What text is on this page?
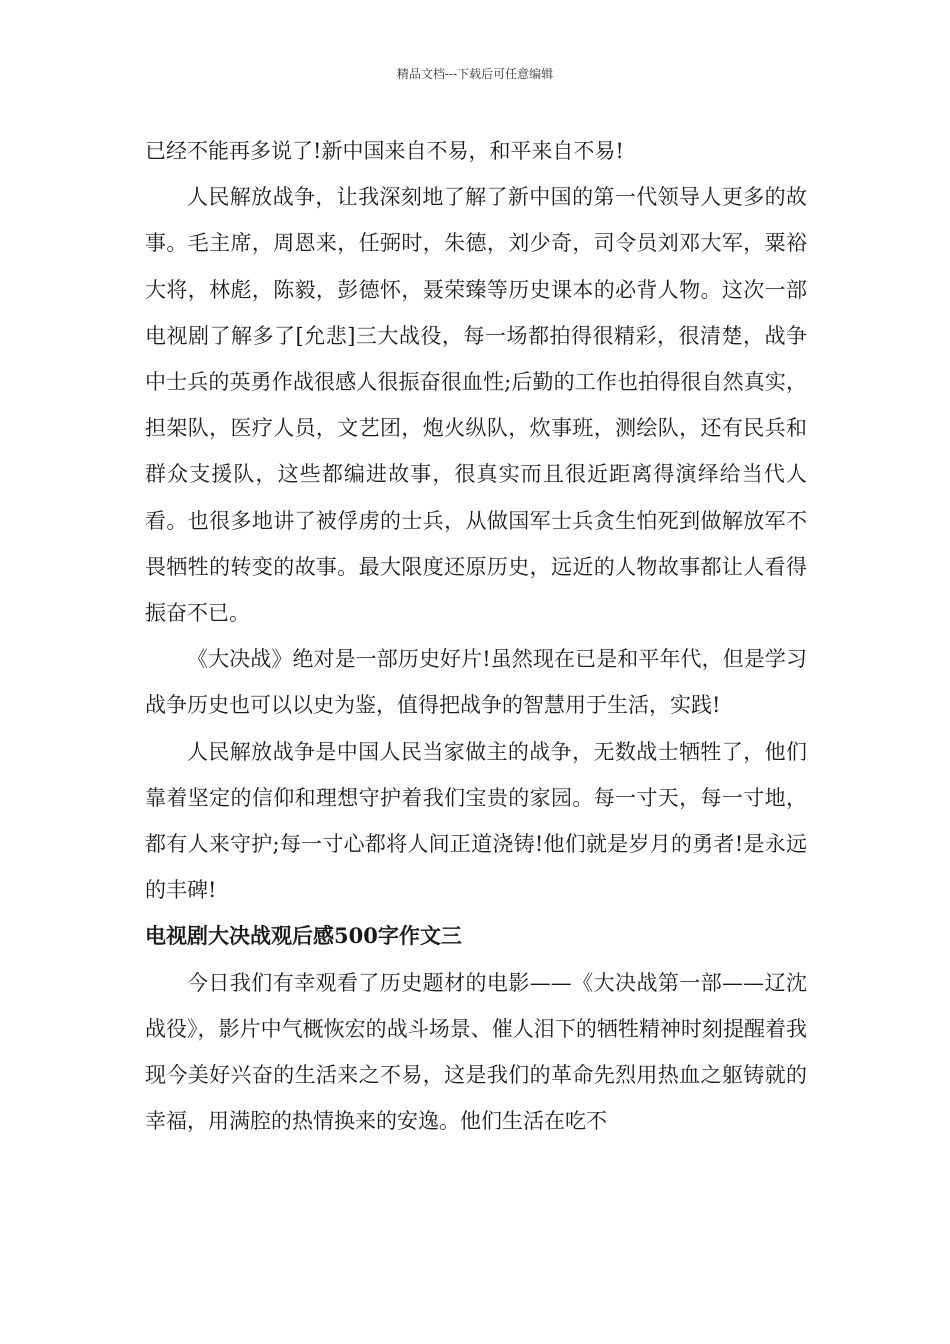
精品文档---下载后可任意编辑

已经不能再多说了!新中国来自不易，和平来自不易!

人民解放战争，让我深刻地了解了新中国的第一代领导人更多的故事。毛主席，周恩来，任弼时，朱德，刘少奇，司令员刘邓大军，粟裕大将，林彪，陈毅，彭德怀，聂荣臻等历史课本的必背人物。这次一部电视剧了解多了[允悲]三大战役，每一场都拍得很精彩，很清楚，战争中士兵的英勇作战很感人很振奋很血性;后勤的工作也拍得很自然真实，担架队，医疗人员，文艺团，炮火纵队，炊事班，测绘队，还有民兵和群众支援队，这些都编进故事，很真实而且很近距离得演绎给当代人看。也很多地讲了被俘虏的士兵，从做国军士兵贪生怕死到做解放军不畏牺牲的转变的故事。最大限度还原历史，远近的人物故事都让人看得振奋不已。

《大决战》绝对是一部历史好片!虽然现在已是和平年代，但是学习战争历史也可以以史为鉴，值得把战争的智慧用于生活，实践!

人民解放战争是中国人民当家做主的战争，无数战士牺牲了，他们靠着坚定的信仰和理想守护着我们宝贵的家园。每一寸天，每一寸地，都有人来守护;每一寸心都将人间正道浇铸!他们就是岁月的勇者!是永远的丰碑!

电视剧大决战观后感500字作文三

今日我们有幸观看了历史题材的电影——《大决战第一部——辽沈战役》，影片中气概恢宏的战斗场景、催人泪下的牺牲精神时刻提醒着我现今美好兴奋的生活来之不易，这是我们的革命先烈用热血之躯铸就的幸福，用满腔的热情换来的安逸。他们生活在吃不
